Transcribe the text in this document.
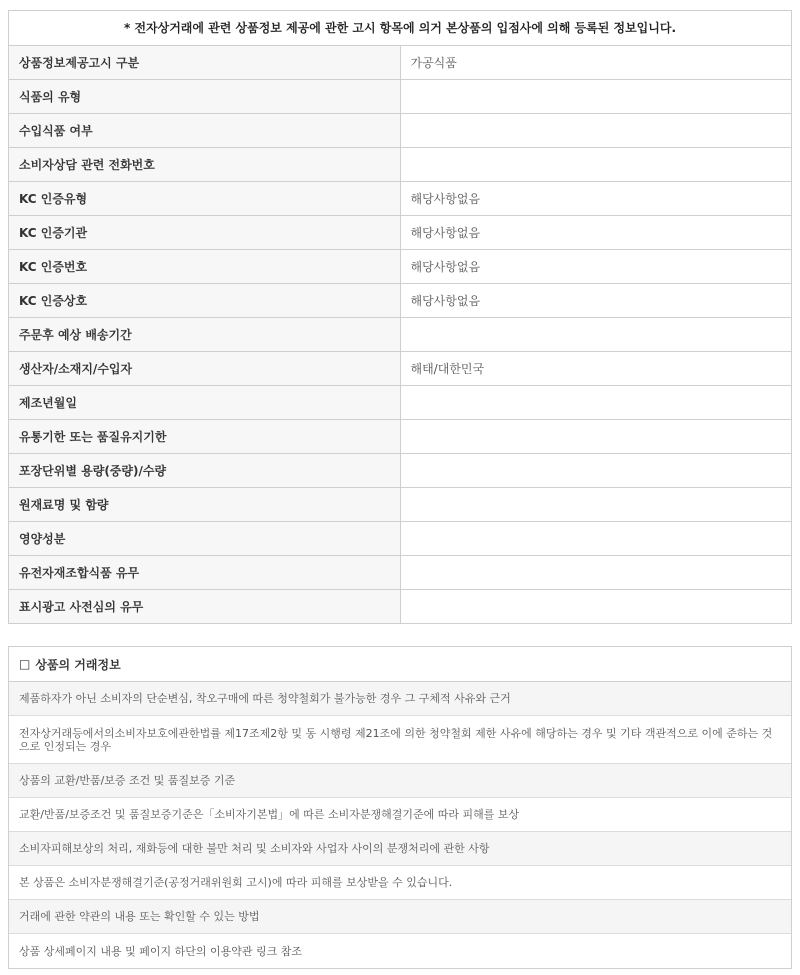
* 전자상거래에 관련 상품정보 제공에 관한 고시 항목에 의거 본상품의 입점사에 의해 등록된 정보입니다.	
상품정보제공고시 구분	가공식품
식품의 유형	
수입식품 여부	
소비자상담 관련 전화번호	
KC 인증유형	해당사항없음
KC 인증기관	해당사항없음
KC 인증번호	해당사항없음
KC 인증상호	해당사항없음
주문후 예상 배송기간	
생산자/소재지/수입자	해태/대한민국
제조년월일	
유통기한 또는 품질유지기한	
포장단위별 용량(중량)/수량	
원재료명 및 함량	
영양성분	
유전자재조합식품 유무	
표시광고 사전심의 유무	
□ 상품의 거래정보
제품하자가 아닌 소비자의 단순변심, 착오구매에 따른 청약철회가 불가능한 경우 그 구체적 사유와 근거
전자상거래등에서의소비자보호에관한법률 제17조제2항 및 동 시행령 제21조에 의한 청약철회 제한 사유에 해당하는 경우 및 기타 객관적으로 이에 준하는 것으로 인정되는 경우
상품의 교환/반품/보증 조건 및 품질보증 기준
교환/반품/보증조건 및 품질보증기준은「소비자기본법」에 따른 소비자분쟁해결기준에 따라 피해를 보상
소비자피해보상의 처리, 재화등에 대한 불만 처리 및 소비자와 사업자 사이의 분쟁처리에 관한 사항
본 상품은 소비자분쟁해결기준(공정거래위원회 고시)에 따라 피해를 보상받을 수 있습니다.
거래에 관한 약관의 내용 또는 확인할 수 있는 방법
상품 상세페이지 내용 및 페이지 하단의 이용약관 링크 참조
